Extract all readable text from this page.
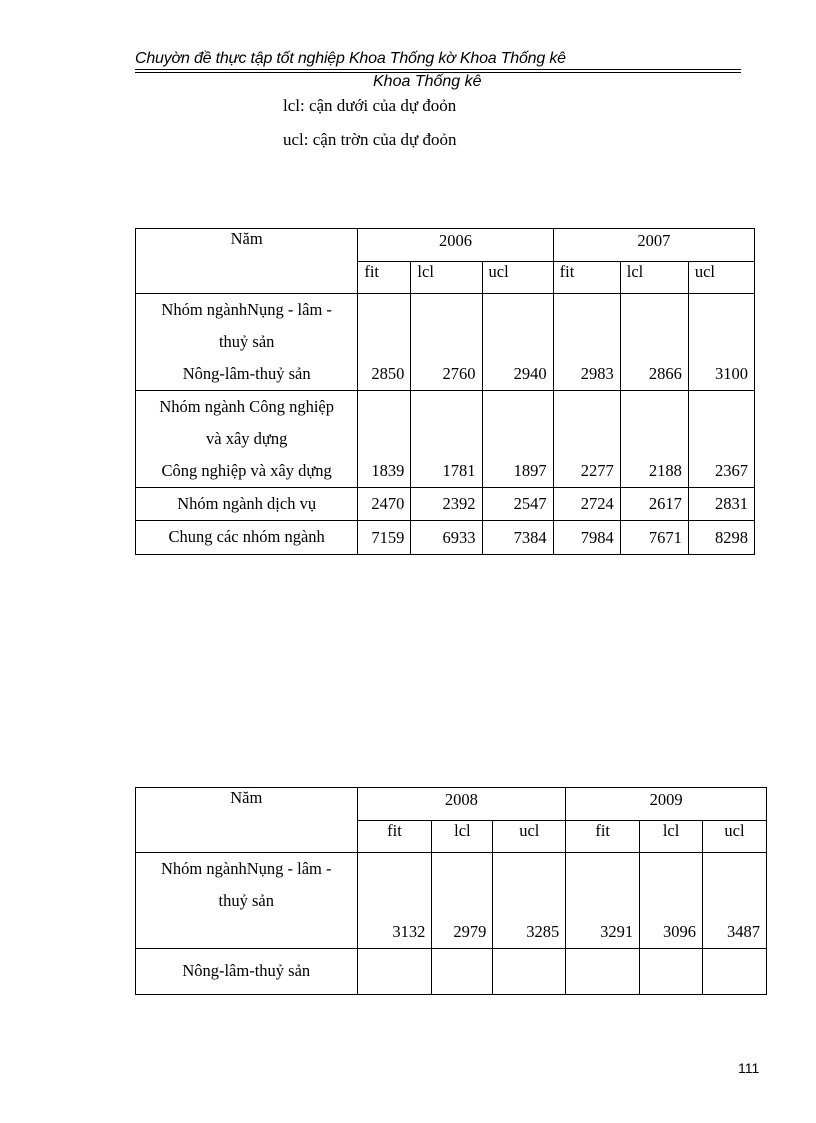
Chuyờn đề thực tập tốt nghiệp Khoa Thống kờ Khoa Thống kê
Khoa Thống kê
lcl: cận dưới của dự đoỏn
ucl: cận trờn của dự đoỏn
Năm	2006			2007		
	fit	lcl	ucl	fit	lcl	ucl

Nhóm ngànhNụng - lâm -
thuỷ sản
Nông-lâm-thuỷ sản	2850	2760	2940	2983	2866	3100

Nhóm ngành Công nghiệp
và xây dựng
Công nghiệp và xây dựng	1839	1781	1897	2277	2188	2367

Nhóm ngành dịch vụ	2470	2392	2547	2724	2617	2831

Chung các nhóm ngành	7159	6933	7384	7984	7671	8298
Năm	2008			2009		
	fit	lcl	ucl	fit	lcl	ucl

Nhóm ngànhNụng - lâm -
thuỷ sản	3132	2979	3285	3291	3096	3487

Nông-lâm-thuỷ sản						

111
